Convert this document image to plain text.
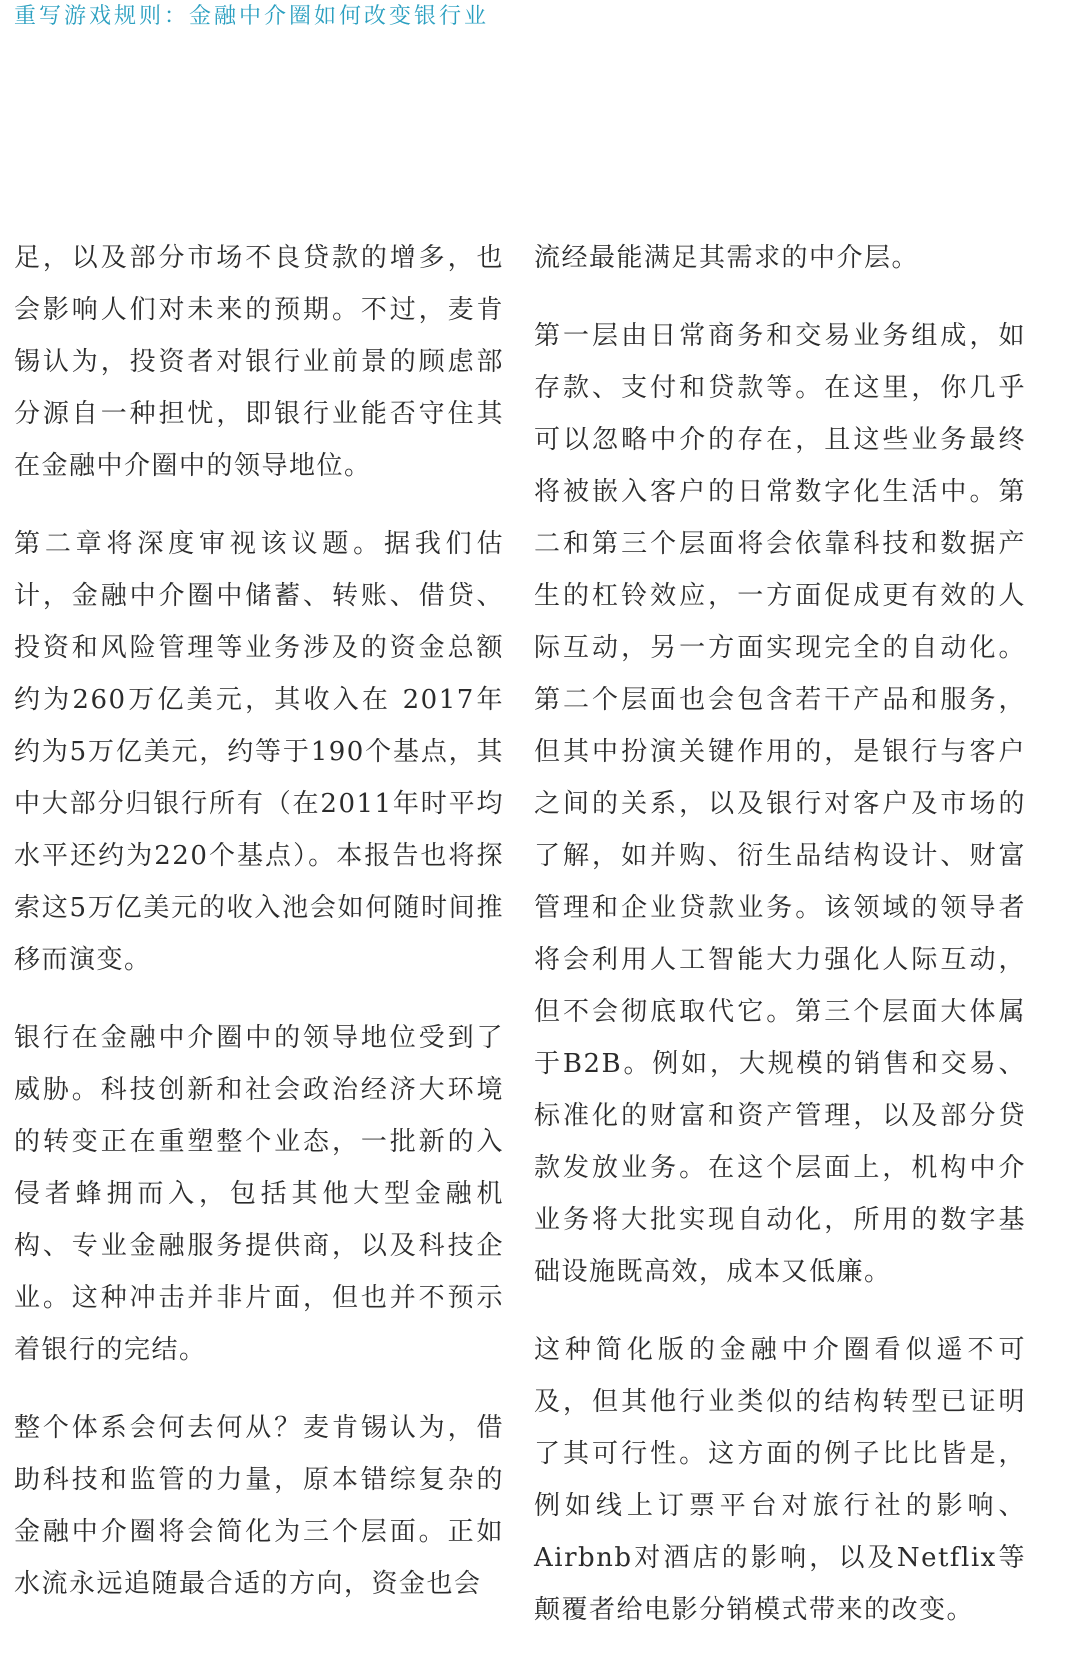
重写游戏规则：金融中介圈如何改变银行业

足，以及部分市场不良贷款的增多，也会影响人们对未来的预期。不过，麦肯锡认为，投资者对银行业前景的顾虑部分源自一种担忧，即银行业能否守住其在金融中介圈中的领导地位。

第二章将深度审视该议题。据我们估计，金融中介圈中储蓄、转账、借贷、投资和风险管理等业务涉及的资金总额约为260万亿美元，其收入在 2017年约为5万亿美元，约等于190个基点，其中大部分归银行所有（在2011年时平均水平还约为220个基点）。本报告也将探索这5万亿美元的收入池会如何随时间推移而演变。

银行在金融中介圈中的领导地位受到了威胁。科技创新和社会政治经济大环境的转变正在重塑整个业态，一批新的入侵者蜂拥而入，包括其他大型金融机构、专业金融服务提供商，以及科技企业。这种冲击并非片面，但也并不预示着银行的完结。

整个体系会何去何从？麦肯锡认为，借助科技和监管的力量，原本错综复杂的金融中介圈将会简化为三个层面。正如水流永远追随最合适的方向，资金也会

流经最能满足其需求的中介层。

第一层由日常商务和交易业务组成，如存款、支付和贷款等。在这里，你几乎可以忽略中介的存在，且这些业务最终将被嵌入客户的日常数字化生活中。第二和第三个层面将会依靠科技和数据产生的杠铃效应，一方面促成更有效的人际互动，另一方面实现完全的自动化。第二个层面也会包含若干产品和服务，但其中扮演关键作用的，是银行与客户之间的关系，以及银行对客户及市场的了解，如并购、衍生品结构设计、财富管理和企业贷款业务。该领域的领导者将会利用人工智能大力强化人际互动，但不会彻底取代它。第三个层面大体属于B2B。例如，大规模的销售和交易、标准化的财富和资产管理，以及部分贷款发放业务。在这个层面上，机构中介业务将大批实现自动化，所用的数字基础设施既高效，成本又低廉。

这种简化版的金融中介圈看似遥不可及，但其他行业类似的结构转型已证明了其可行性。这方面的例子比比皆是，例如线上订票平台对旅行社的影响、Airbnb对酒店的影响，以及Netflix等颠覆者给电影分销模式带来的改变。
